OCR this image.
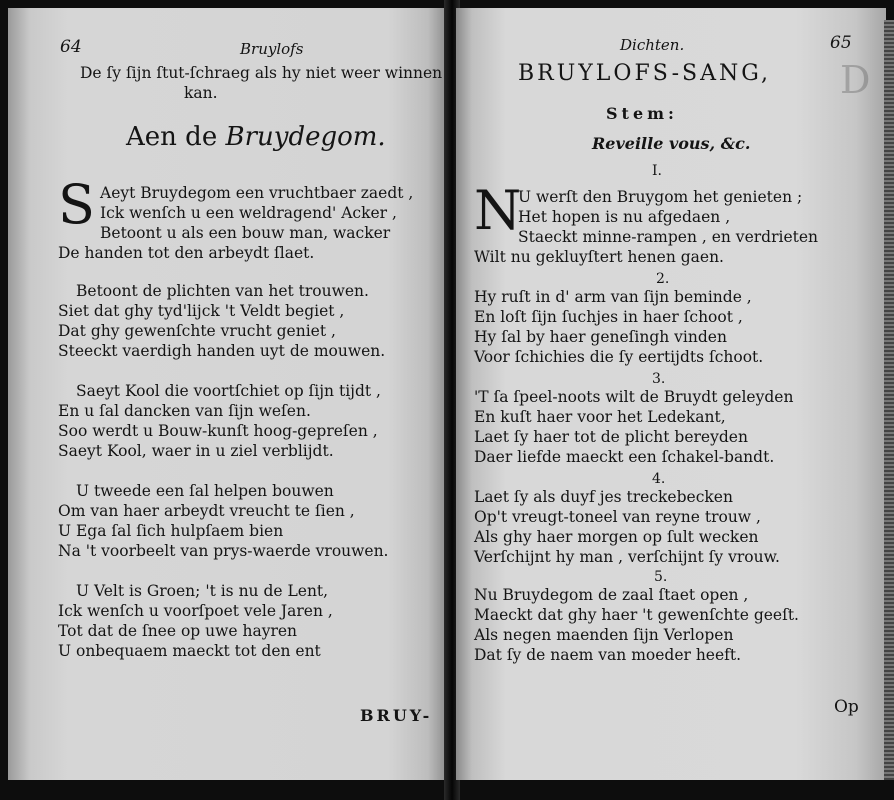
64	Bruylofs
De ſy ſijn ſtut-ſchraeg als hy niet weer winnen
kan.
Aen de Bruydegom.
S Aeyt Bruydegom een vruchtbaer zaedt ,
Ick wenſch u een weldragend' Acker ,
Betoont u als een bouw man, wacker
De handen tot den arbeydt ſlaet.
Betoont de plichten van het trouwen.
Siet dat ghy tyd'lijck 't Veldt begiet ,
Dat ghy gewenſchte vrucht geniet ,
Steeckt vaerdigh handen uyt de mouwen.
Saeyt Kool die voortſchiet op ſijn tijdt ,
En u ſal dancken van ſijn weſen.
Soo werdt u Bouw-kunſt hoog-gepreſen ,
Saeyt Kool, waer in u ziel verblijdt.
U tweede een ſal helpen bouwen
Om van haer arbeydt vreucht te ſien ,
U Ega ſal ſich hulpſaem bien
Na 't voorbeelt van prys-waerde vrouwen.
U Velt is Groen; 't is nu de Lent,
Ick wenſch u voorſpoet vele Jaren ,
Tot dat de ſnee op uwe hayren
U onbequaem maeckt tot den ent
BRUY-
D
Dichten.	65
BRUYLOFS-SANG,
Stem:
Reveille vous, &c.
I.
N
U werſt den Bruygom het genieten ;
Het hopen is nu afgedaen ,
Staeckt minne-rampen , en verdrieten
Wilt nu gekluyſtert henen gaen.
2.
Hy ruſt in d' arm van ſijn beminde ,
En loſt ſijn ſuchjes in haer ſchoot ,
Hy ſal by haer geneſingh vinden
Voor ſchichies die ſy eertijdts ſchoot.
3.
'T ſa ſpeel-noots wilt de Bruydt geleyden
En kuſt haer voor het Ledekant,
Laet ſy haer tot de plicht bereyden
Daer liefde maeckt een ſchakel-bandt.
4.
Laet ſy als duyf jes treckebecken
Op't vreugt-toneel van reyne trouw ,
Als ghy haer morgen op ſult wecken
Verſchijnt hy man , verſchijnt ſy vrouw.
5.
Nu Bruydegom de zaal ſtaet open ,
Maeckt dat ghy haer 't gewenſchte geeſt.
Als negen maenden ſijn Verlopen
Dat ſy de naem van moeder heeft.
Op
